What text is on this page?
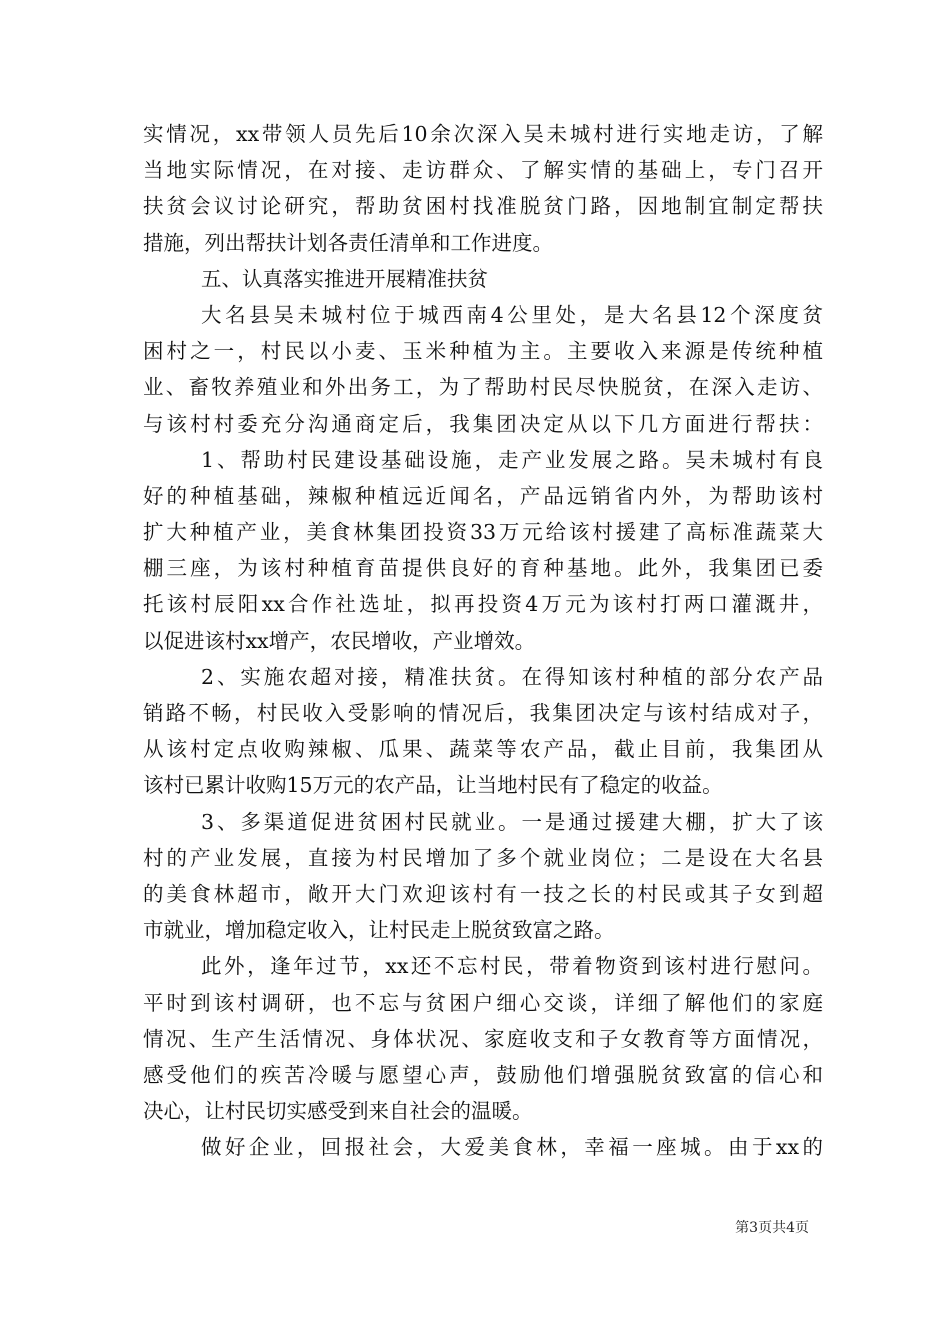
实情况，xx带领人员先后10余次深入吴未城村进行实地走访，了解
当地实际情况，在对接、走访群众、了解实情的基础上，专门召开
扶贫会议讨论研究，帮助贫困村找准脱贫门路，因地制宜制定帮扶
措施，列出帮扶计划各责任清单和工作进度。
五、认真落实推进开展精准扶贫
大名县吴未城村位于城西南4公里处，是大名县12个深度贫
困村之一，村民以小麦、玉米种植为主。主要收入来源是传统种植
业、畜牧养殖业和外出务工，为了帮助村民尽快脱贫，在深入走访、
与该村村委充分沟通商定后，我集团决定从以下几方面进行帮扶：
1、帮助村民建设基础设施，走产业发展之路。吴未城村有良
好的种植基础，辣椒种植远近闻名，产品远销省内外，为帮助该村
扩大种植产业，美食林集团投资33万元给该村援建了高标准蔬菜大
棚三座，为该村种植育苗提供良好的育种基地。此外，我集团已委
托该村辰阳xx合作社选址，拟再投资4万元为该村打两口灌溉井，
以促进该村xx增产，农民增收，产业增效。
2、实施农超对接，精准扶贫。在得知该村种植的部分农产品
销路不畅，村民收入受影响的情况后，我集团决定与该村结成对子，
从该村定点收购辣椒、瓜果、蔬菜等农产品，截止目前，我集团从
该村已累计收购15万元的农产品，让当地村民有了稳定的收益。
3、多渠道促进贫困村民就业。一是通过援建大棚，扩大了该
村的产业发展，直接为村民增加了多个就业岗位；二是设在大名县
的美食林超市，敞开大门欢迎该村有一技之长的村民或其子女到超
市就业，增加稳定收入，让村民走上脱贫致富之路。
此外，逢年过节，xx还不忘村民，带着物资到该村进行慰问。
平时到该村调研，也不忘与贫困户细心交谈，详细了解他们的家庭
情况、生产生活情况、身体状况、家庭收支和子女教育等方面情况，
感受他们的疾苦冷暖与愿望心声，鼓励他们增强脱贫致富的信心和
决心，让村民切实感受到来自社会的温暖。
做好企业，回报社会，大爱美食林，幸福一座城。由于xx的
第3页共4页
